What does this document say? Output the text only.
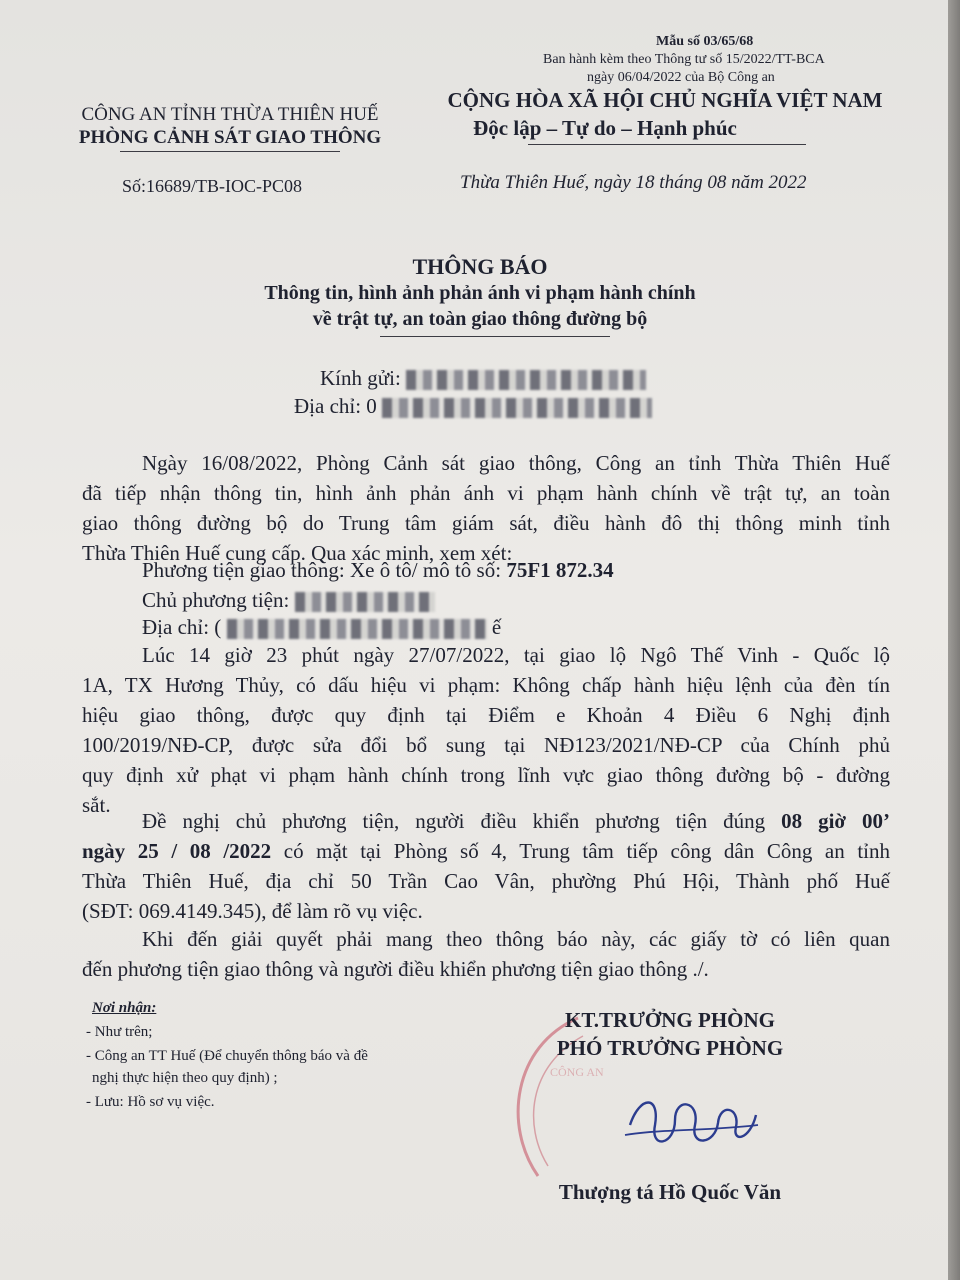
Mẫu số 03/65/68
Ban hành kèm theo Thông tư số 15/2022/TT-BCA
ngày 06/04/2022 của Bộ Công an
CÔNG AN TỈNH THỪA THIÊN HUẾ
PHÒNG CẢNH SÁT GIAO THÔNG
CỘNG HÒA XÃ HỘI CHỦ NGHĨA VIỆT NAM
Độc lập – Tự do – Hạnh phúc
Số:16689/TB-IOC-PC08	Thừa Thiên Huế, ngày 18 tháng 08 năm 2022
THÔNG BÁO
Thông tin, hình ảnh phản ánh vi phạm hành chính
về trật tự, an toàn giao thông đường bộ
Kính gửi:
Địa chỉ: 0
Ngày 16/08/2022, Phòng Cảnh sát giao thông, Công an tỉnh Thừa Thiên Huế
đã tiếp nhận thông tin, hình ảnh phản ánh vi phạm hành chính về trật tự, an toàn
giao thông đường bộ do Trung tâm giám sát, điều hành đô thị thông minh tỉnh
Thừa Thiên Huế cung cấp. Qua xác minh, xem xét:
Phương tiện giao thông: Xe ô tô/ mô tô số: 75F1 872.34
Chủ phương tiện:
Địa chỉ: (	ế
Lúc 14 giờ 23 phút ngày 27/07/2022, tại giao lộ Ngô Thế Vinh - Quốc lộ
1A, TX Hương Thủy, có dấu hiệu vi phạm: Không chấp hành hiệu lệnh của đèn tín
hiệu giao thông, được quy định tại Điểm e Khoản 4 Điều 6 Nghị định
100/2019/NĐ-CP, được sửa đổi bổ sung tại NĐ123/2021/NĐ-CP của Chính phủ
quy định xử phạt vi phạm hành chính trong lĩnh vực giao thông đường bộ - đường
sắt.
Đề nghị chủ phương tiện, người điều khiển phương tiện đúng 08 giờ 00’
ngày 25 / 08 /2022 có mặt tại Phòng số 4, Trung tâm tiếp công dân Công an tỉnh
Thừa Thiên Huế, địa chỉ 50 Trần Cao Vân, phường Phú Hội, Thành phố Huế
(SĐT: 069.4149.345), để làm rõ vụ việc.
Khi đến giải quyết phải mang theo thông báo này, các giấy tờ có liên quan
đến phương tiện giao thông và người điều khiển phương tiện giao thông ./.
Nơi nhận:
- Như trên;
- Công an TT Huế (Để chuyển thông báo và đề
nghị thực hiện theo quy định) ;
- Lưu: Hồ sơ vụ việc.
CÔNG AN
KT.TRƯỞNG PHÒNG
PHÓ TRƯỞNG PHÒNG
Thượng tá Hồ Quốc Văn
